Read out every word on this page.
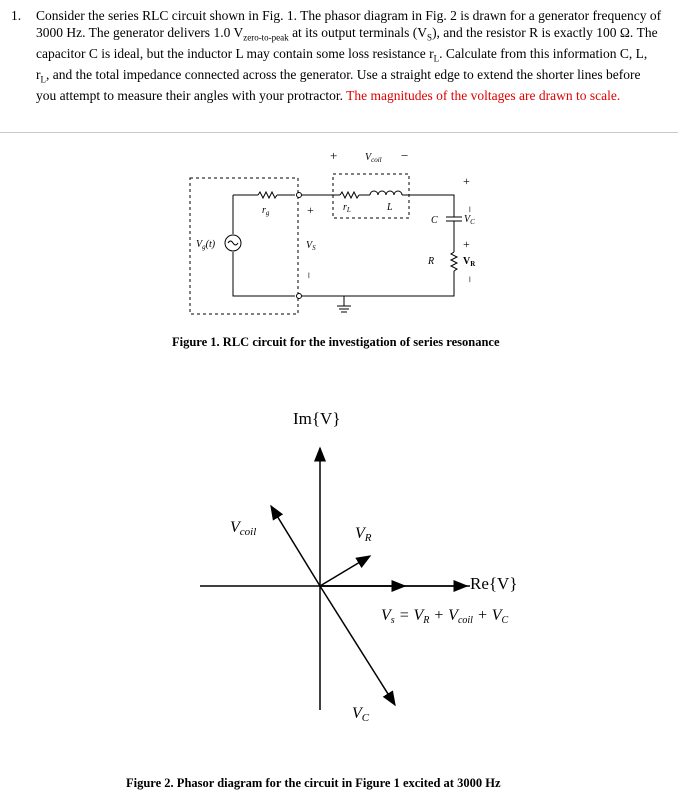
1. Consider the series RLC circuit shown in Fig. 1. The phasor diagram in Fig. 2 is drawn for a generator frequency of 3000 Hz. The generator delivers 1.0 $V_{zero-to-peak}$ at its output terminals $(V_S)$, and the resistor R is exactly 100 Ω. The capacitor C is ideal, but the inductor L may contain some loss resistance $r_L$. Calculate from this information C, L, $r_L$, and the total impedance connected across the generator. Use a straight edge to extend the shorter lines before you attempt to measure their angles with your protractor. The magnitudes of the voltages are drawn to scale.
+	$V_{coil}$ −
$r_g$	+	$r_L$	L
+
C	$V_C$
+
$V_g(t)$	$V_S$
R	$V_R$
−
−
−
Figure 1. RLC circuit for the investigation of series resonance
Im{V}
Re{V}
Vcoil	VR
VC
Vs = VR + Vcoil + VC
Figure 2. Phasor diagram for the circuit in Figure 1 excited at 3000 Hz
